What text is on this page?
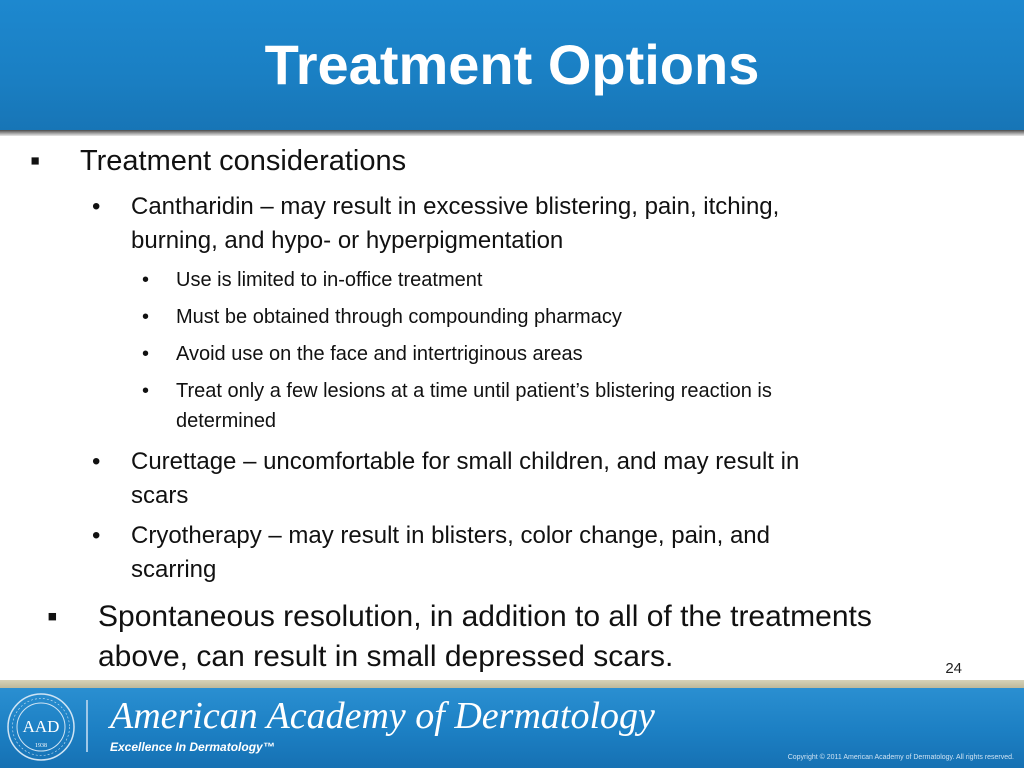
Treatment Options
▪ Treatment considerations
• Cantharidin – may result in excessive blistering, pain, itching,
burning, and hypo- or hyperpigmentation
• Use is limited to in-office treatment
• Must be obtained through compounding pharmacy
• Avoid use on the face and intertriginous areas
• Treat only a few lesions at a time until patient’s blistering reaction is
determined
• Curettage – uncomfortable for small children, and may result in
scars
• Cryotherapy – may result in blisters, color change, pain, and
scarring
▪ Spontaneous resolution, in addition to all of the treatments
above, can result in small depressed scars.	24
AAD
1938
American Academy of Dermatology
Excellence In Dermatology™
Copyright © 2011 American Academy of Dermatology. All rights reserved.
